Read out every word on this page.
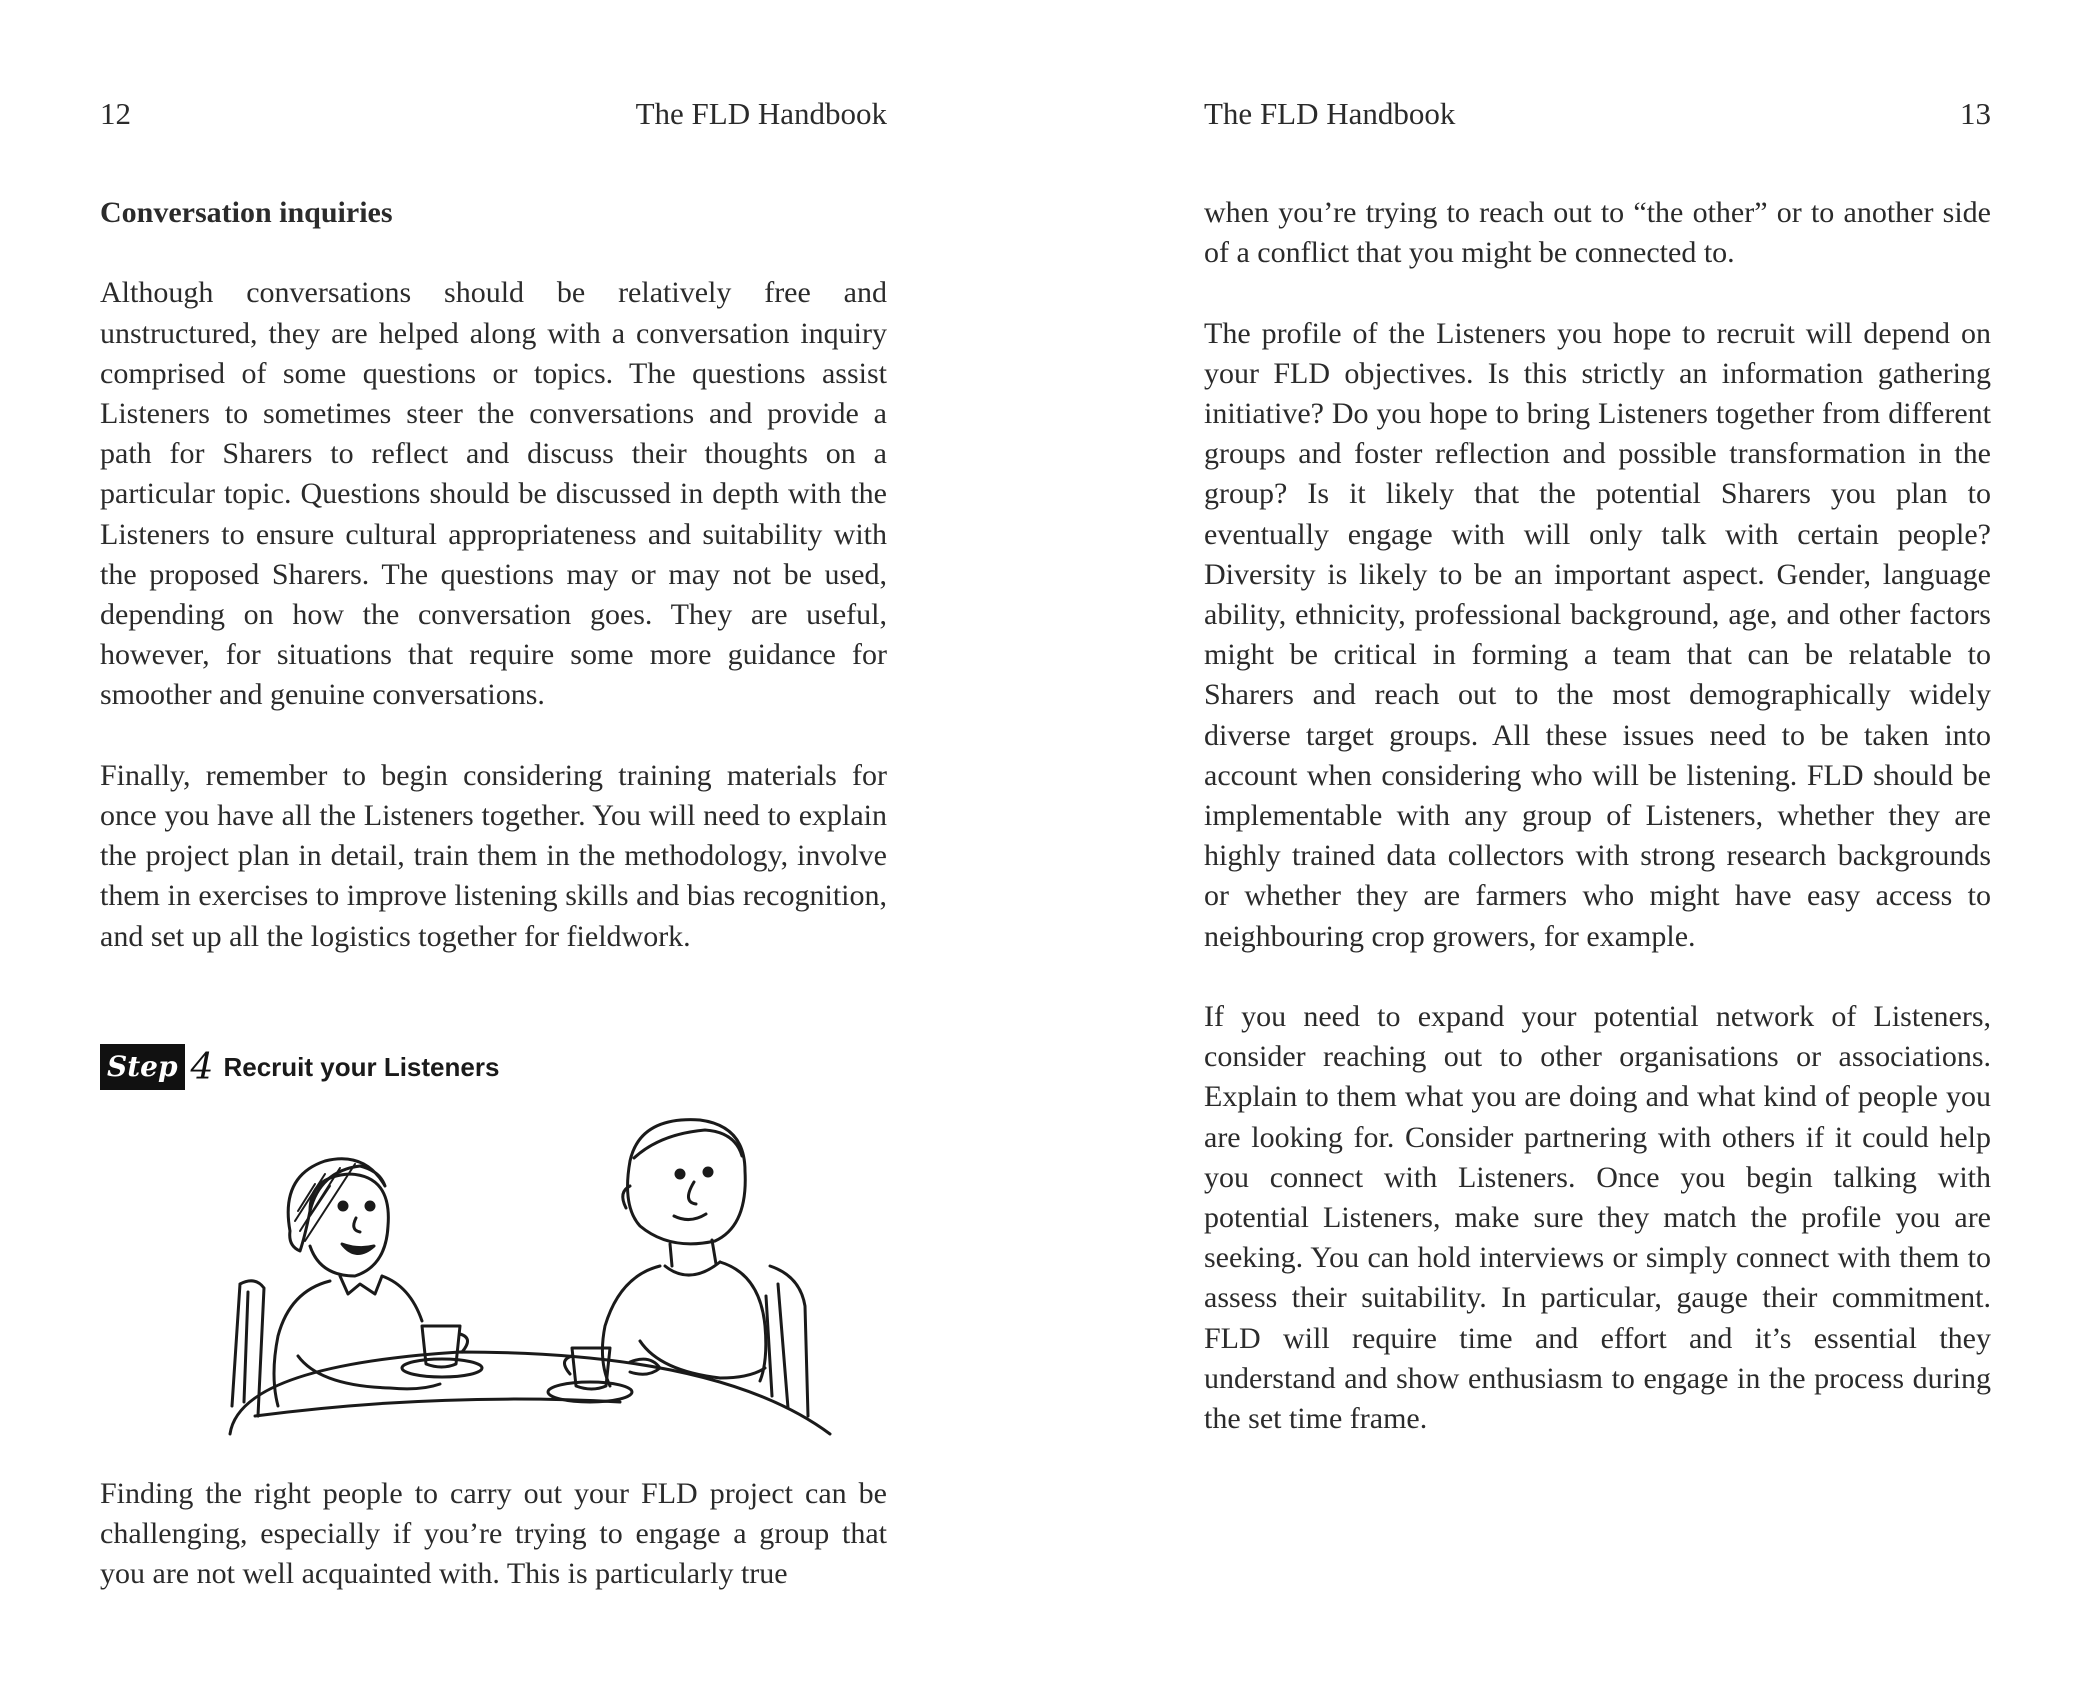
12	The FLD Handbook
Conversation inquiries

Although conversations should be relatively free and unstructured, they are helped along with a conversation inquiry comprised of some questions or topics. The questions assist Listeners to sometimes steer the conversations and provide a path for Sharers to reflect and discuss their thoughts on a particular topic. Questions should be discussed in depth with the Listeners to ensure cultural appropriateness and suitability with the proposed Sharers. The questions may or may not be used, depending on how the conversation goes. They are useful, however, for situations that require some more guidance for smoother and genuine conversations.

Finally, remember to begin considering training materials for once you have all the Listeners together. You will need to explain the project plan in detail, train them in the methodology, involve them in exercises to improve listening skills and bias recognition, and set up all the logistics together for fieldwork.

Step 4 Recruit your Listeners

Finding the right people to carry out your FLD project can be challenging, especially if you’re trying to engage a group that you are not well acquainted with. This is particularly true

The FLD Handbook	13

when you’re trying to reach out to “the other” or to another side of a conflict that you might be connected to.

The profile of the Listeners you hope to recruit will depend on your FLD objectives. Is this strictly an information gathering initiative? Do you hope to bring Listeners together from different groups and foster reflection and possible transformation in the group? Is it likely that the potential Sharers you plan to eventually engage with will only talk with certain people? Diversity is likely to be an important aspect. Gender, language ability, ethnicity, professional background, age, and other factors might be critical in forming a team that can be relatable to Sharers and reach out to the most demographically widely diverse target groups. All these issues need to be taken into account when considering who will be listening. FLD should be implementable with any group of Listeners, whether they are highly trained data collectors with strong research backgrounds or whether they are farmers who might have easy access to neighbouring crop growers, for example.

If you need to expand your potential network of Listeners, consider reaching out to other organisations or associations. Explain to them what you are doing and what kind of people you are looking for. Consider partnering with others if it could help you connect with Listeners. Once you begin talking with potential Listeners, make sure they match the profile you are seeking. You can hold interviews or simply connect with them to assess their suitability. In particular, gauge their commitment. FLD will require time and effort and it’s essential they understand and show enthusiasm to engage in the process during the set time frame.
